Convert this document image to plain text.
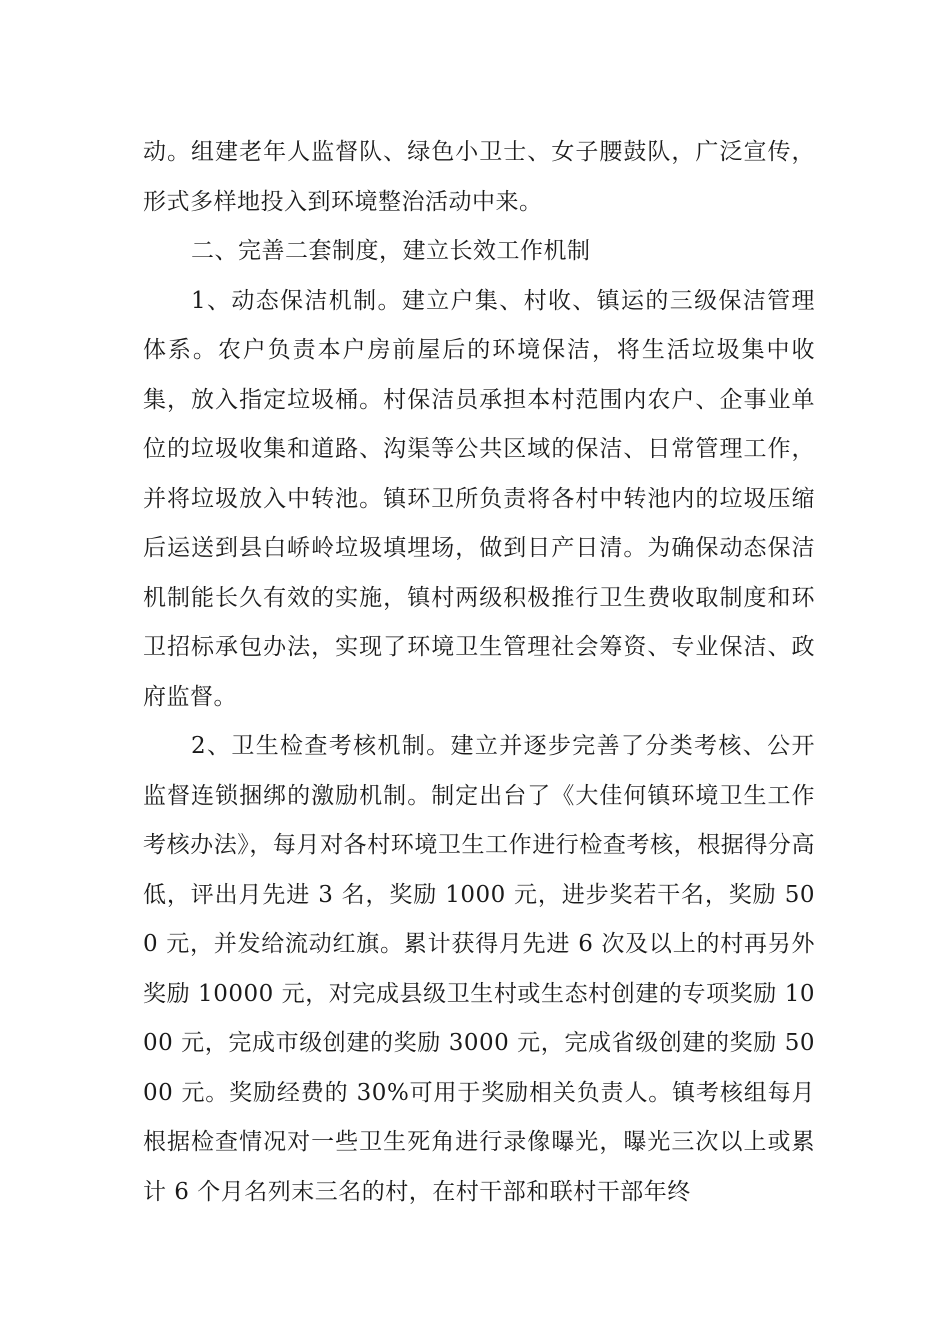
动。组建老年人监督队、绿色小卫士、女子腰鼓队，广泛宣传，形式多样地投入到环境整治活动中来。

二、完善二套制度，建立长效工作机制

1、动态保洁机制。建立户集、村收、镇运的三级保洁管理体系。农户负责本户房前屋后的环境保洁，将生活垃圾集中收集，放入指定垃圾桶。村保洁员承担本村范围内农户、企事业单位的垃圾收集和道路、沟渠等公共区域的保洁、日常管理工作，并将垃圾放入中转池。镇环卫所负责将各村中转池内的垃圾压缩后运送到县白峤岭垃圾填埋场，做到日产日清。为确保动态保洁机制能长久有效的实施，镇村两级积极推行卫生费收取制度和环卫招标承包办法，实现了环境卫生管理社会筹资、专业保洁、政府监督。

2、卫生检查考核机制。建立并逐步完善了分类考核、公开监督连锁捆绑的激励机制。制定出台了《大佳何镇环境卫生工作考核办法》，每月对各村环境卫生工作进行检查考核，根据得分高低，评出月先进 3 名，奖励 1000 元，进步奖若干名，奖励 500 元，并发给流动红旗。累计获得月先进 6 次及以上的村再另外奖励 10000 元，对完成县级卫生村或生态村创建的专项奖励 1000 元，完成市级创建的奖励 3000 元，完成省级创建的奖励 5000 元。奖励经费的 30%可用于奖励相关负责人。镇考核组每月根据检查情况对一些卫生死角进行录像曝光，曝光三次以上或累计 6 个月名列末三名的村，在村干部和联村干部年终
